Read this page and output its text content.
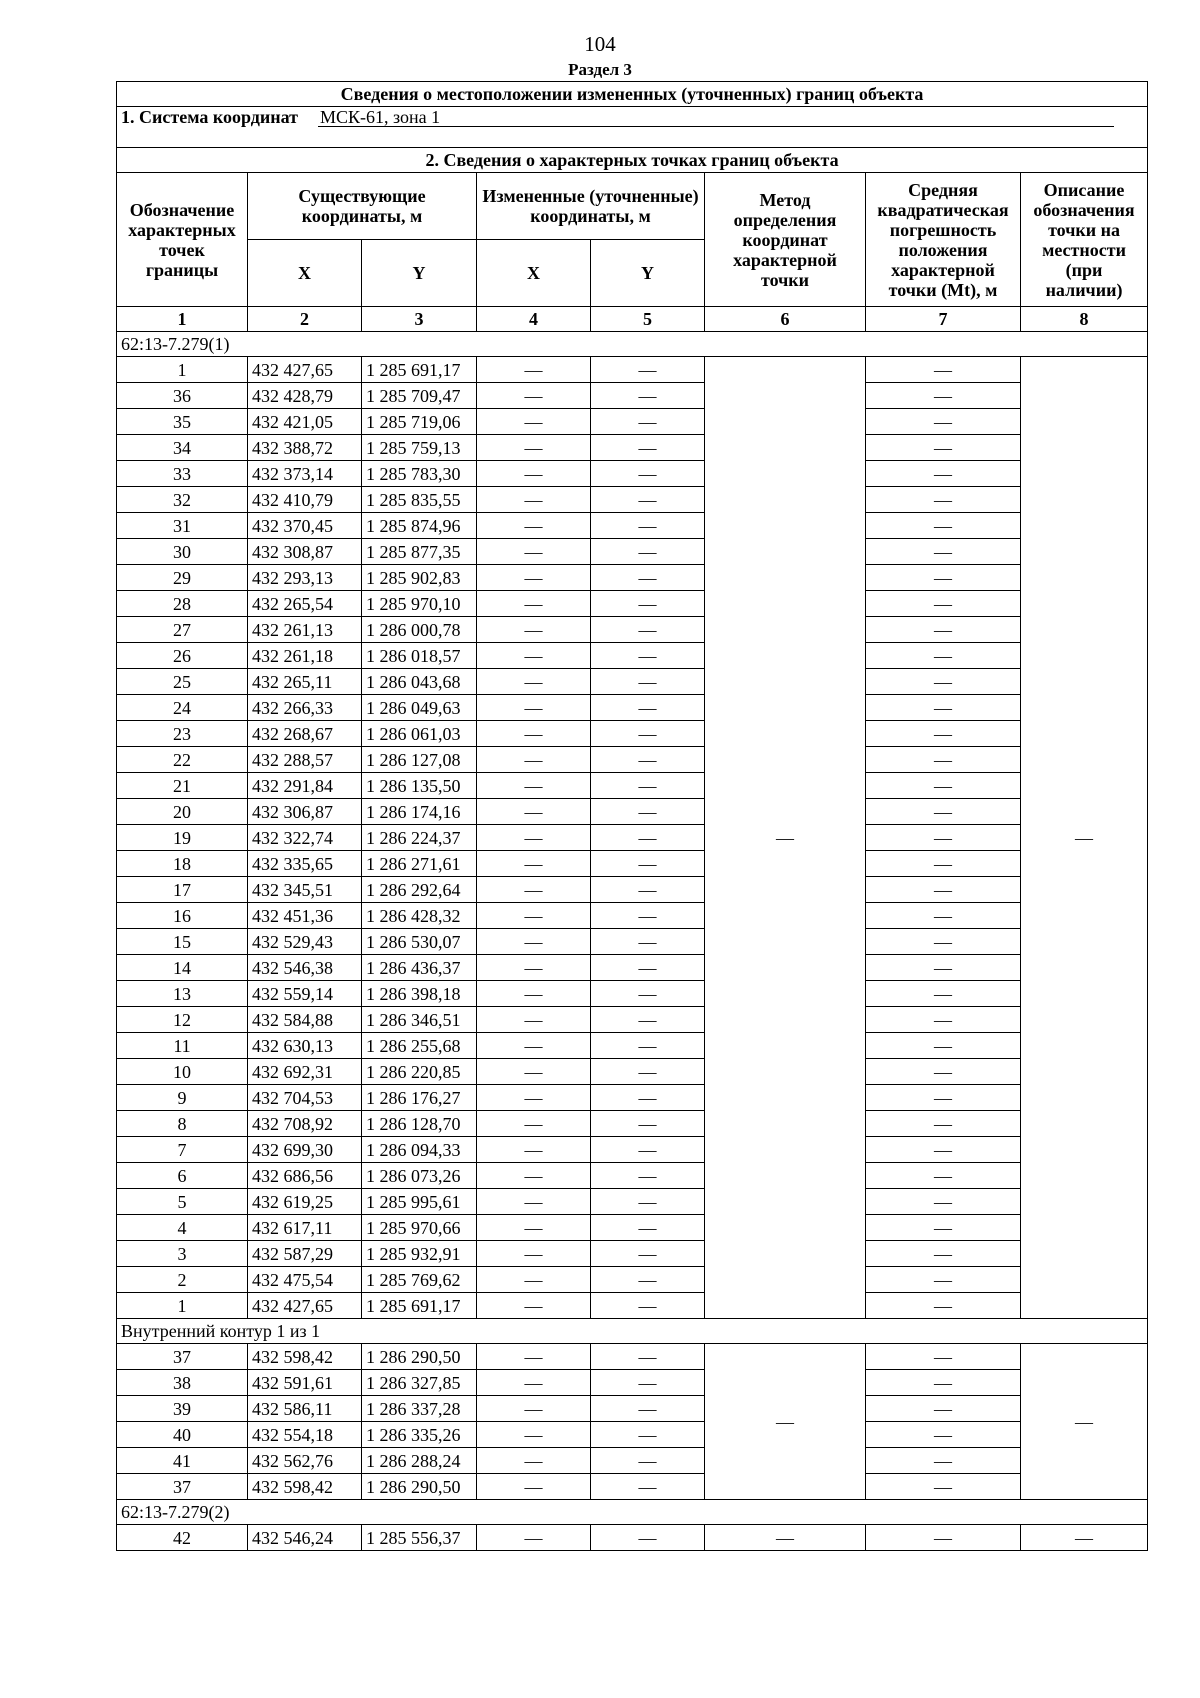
104
Раздел 3
Сведения о местоположении измененных (уточненных) границ объекта							
1. Система координат МСК-61, зона 1							
2. Сведения о характерных точках границ объекта							
Обозначение характерных точек границы	Существующие координаты, м		Измененные (уточненные) координаты, м		Метод определения координат характерной точки	Средняя квадратическая погрешность положения характерной точки (Mt), м	Описание обозначения точки на местности (при наличии)
	X	Y	X	Y			
1	2	3	4	5	6	7	8
62:13-7.279(1)							
1	432 427,65	1 285 691,17	—	—	—	—	—
36	432 428,79	1 285 709,47	—	—		—	
35	432 421,05	1 285 719,06	—	—		—	
34	432 388,72	1 285 759,13	—	—		—	
33	432 373,14	1 285 783,30	—	—		—	
32	432 410,79	1 285 835,55	—	—		—	
31	432 370,45	1 285 874,96	—	—		—	
30	432 308,87	1 285 877,35	—	—		—	
29	432 293,13	1 285 902,83	—	—		—	
28	432 265,54	1 285 970,10	—	—		—	
27	432 261,13	1 286 000,78	—	—		—	
26	432 261,18	1 286 018,57	—	—		—	
25	432 265,11	1 286 043,68	—	—		—	
24	432 266,33	1 286 049,63	—	—		—	
23	432 268,67	1 286 061,03	—	—		—	
22	432 288,57	1 286 127,08	—	—		—	
21	432 291,84	1 286 135,50	—	—		—	
20	432 306,87	1 286 174,16	—	—		—	
19	432 322,74	1 286 224,37	—	—		—	
18	432 335,65	1 286 271,61	—	—		—	
17	432 345,51	1 286 292,64	—	—		—	
16	432 451,36	1 286 428,32	—	—		—	
15	432 529,43	1 286 530,07	—	—		—	
14	432 546,38	1 286 436,37	—	—		—	
13	432 559,14	1 286 398,18	—	—		—	
12	432 584,88	1 286 346,51	—	—		—	
11	432 630,13	1 286 255,68	—	—		—	
10	432 692,31	1 286 220,85	—	—		—	
9	432 704,53	1 286 176,27	—	—		—	
8	432 708,92	1 286 128,70	—	—		—	
7	432 699,30	1 286 094,33	—	—		—	
6	432 686,56	1 286 073,26	—	—		—	
5	432 619,25	1 285 995,61	—	—		—	
4	432 617,11	1 285 970,66	—	—		—	
3	432 587,29	1 285 932,91	—	—		—	
2	432 475,54	1 285 769,62	—	—		—	
1	432 427,65	1 285 691,17	—	—		—	
Внутренний контур 1 из 1							
37	432 598,42	1 286 290,50	—	—	—	—	—
38	432 591,61	1 286 327,85	—	—		—	
39	432 586,11	1 286 337,28	—	—		—	
40	432 554,18	1 286 335,26	—	—		—	
41	432 562,76	1 286 288,24	—	—		—	
37	432 598,42	1 286 290,50	—	—		—	
62:13-7.279(2)							
42	432 546,24	1 285 556,37	—	—	—	—	—
